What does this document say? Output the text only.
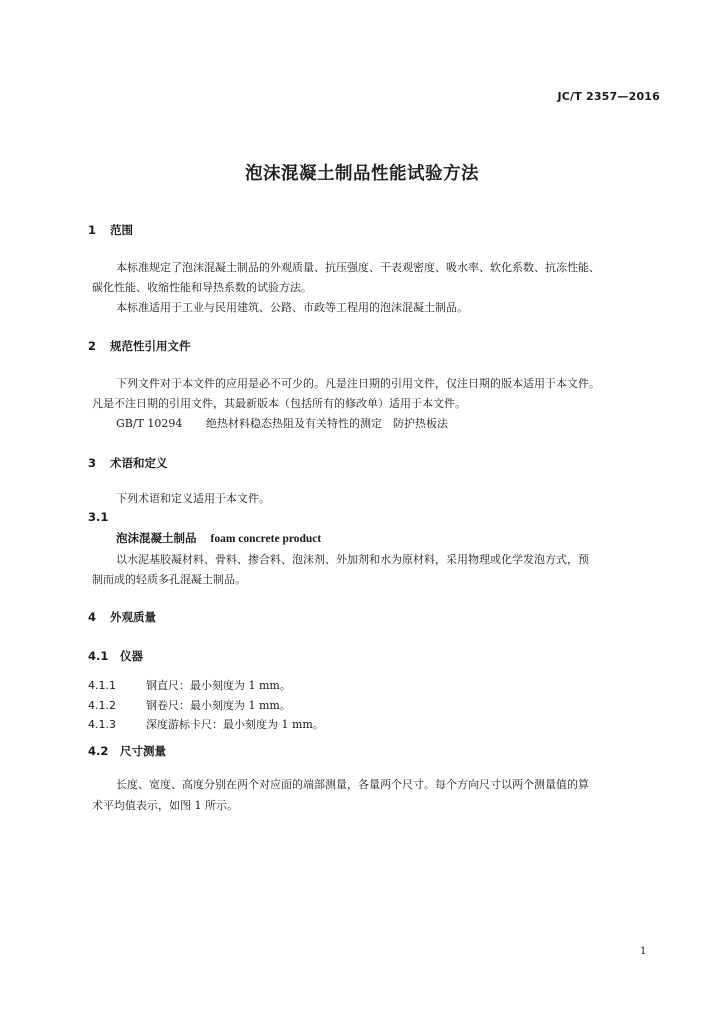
JC/T 2357—2016
泡沫混凝土制品性能试验方法
1 范围
本标准规定了泡沫混凝土制品的外观质量、抗压强度、干表观密度、吸水率、软化系数、抗冻性能、
碳化性能、收缩性能和导热系数的试验方法。
本标准适用于工业与民用建筑、公路、市政等工程用的泡沫混凝土制品。
2 规范性引用文件
下列文件对于本文件的应用是必不可少的。凡是注日期的引用文件，仅注日期的版本适用于本文件。
凡是不注日期的引用文件，其最新版本（包括所有的修改单）适用于本文件。
GB/T 10294 绝热材料稳态热阻及有关特性的测定　防护热板法
3 术语和定义
下列术语和定义适用于本文件。
3.1
泡沫混凝土制品 foam concrete product
以水泥基胶凝材料、骨料、掺合料、泡沫剂、外加剂和水为原材料，采用物理或化学发泡方式，预
制而成的轻质多孔混凝土制品。
4 外观质量
4.1 仪器
4.1.1	钢直尺：最小刻度为 1 mm。
4.1.2	钢卷尺：最小刻度为 1 mm。
4.1.3	深度游标卡尺：最小刻度为 1 mm。
4.2 尺寸测量
长度、宽度、高度分别在两个对应面的端部测量，各量两个尺寸。每个方向尺寸以两个测量值的算
术平均值表示，如图 1 所示。
1
